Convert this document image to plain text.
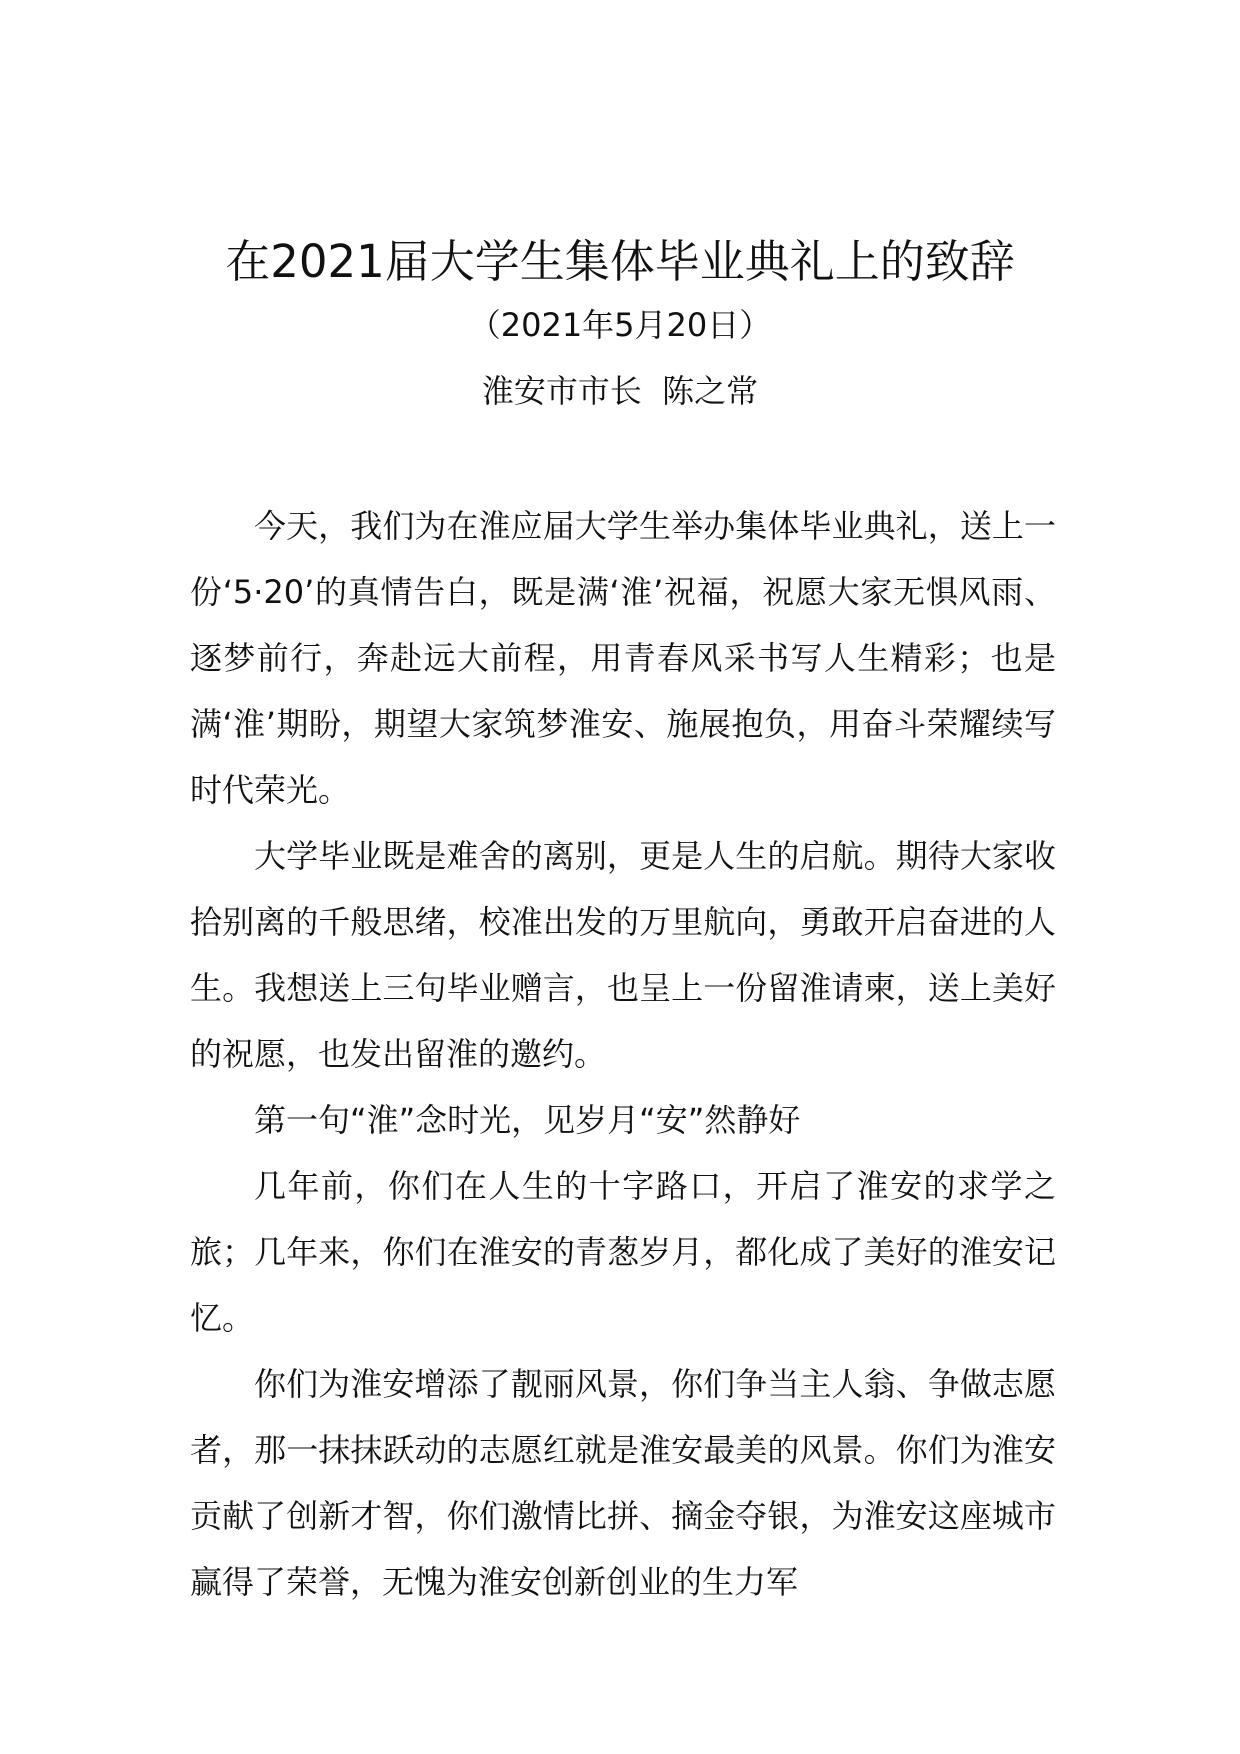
在2021届大学生集体毕业典礼上的致辞
（2021年5月20日）
淮安市市长  陈之常

今天，我们为在淮应届大学生举办集体毕业典礼，送上一份‘5·20’的真情告白，既是满‘淮’祝福，祝愿大家无惧风雨、逐梦前行，奔赴远大前程，用青春风采书写人生精彩；也是满‘淮’期盼，期望大家筑梦淮安、施展抱负，用奋斗荣耀续写时代荣光。

大学毕业既是难舍的离别，更是人生的启航。期待大家收拾别离的千般思绪，校准出发的万里航向，勇敢开启奋进的人生。我想送上三句毕业赠言，也呈上一份留淮请柬，送上美好的祝愿，也发出留淮的邀约。

第一句“淮”念时光，见岁月“安”然静好

几年前，你们在人生的十字路口，开启了淮安的求学之旅；几年来，你们在淮安的青葱岁月，都化成了美好的淮安记忆。

你们为淮安增添了靓丽风景，你们争当主人翁、争做志愿者，那一抹抹跃动的志愿红就是淮安最美的风景。你们为淮安贡献了创新才智，你们激情比拼、摘金夺银，为淮安这座城市赢得了荣誉，无愧为淮安创新创业的生力军
